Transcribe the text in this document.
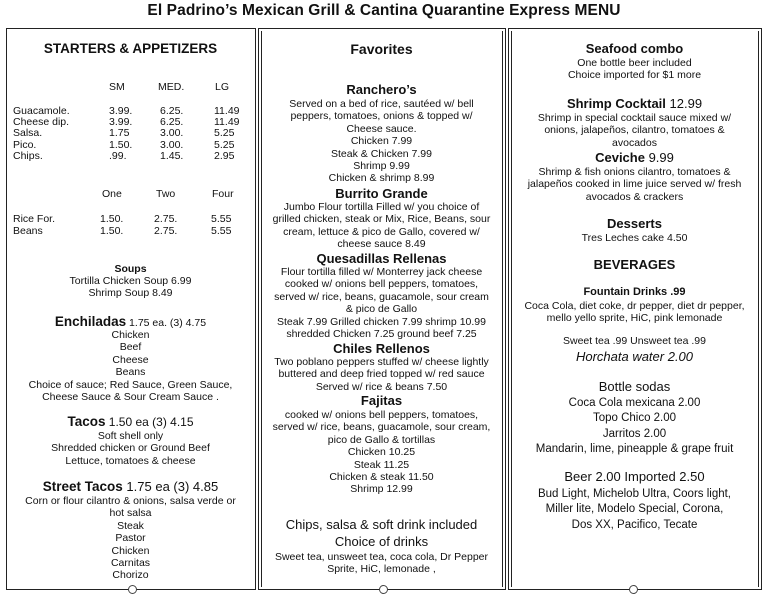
El Padrino’s Mexican Grill & Cantina Quarantine Express MENU
STARTERS & APPETIZERS
SM	MED.	LG
Guacamole.	3.99.	6.25.	11.49
Cheese dip.	3.99.	6.25.	11.49
Salsa.	1.75	3.00.	5.25
Pico.	1.50.	3.00.	5.25
Chips.	.99.	1.45.	2.95
One	Two	Four
Rice For.	1.50.	2.75.	5.55
Beans	1.50.	2.75.	5.55
Soups
Tortilla Chicken Soup 6.99
Shrimp Soup 8.49
Enchiladas 1.75 ea. (3) 4.75
Chicken
Beef
Cheese
Beans
Choice of sauce; Red Sauce, Green Sauce,
Cheese Sauce & Sour Cream Sauce .
Tacos 1.50 ea (3) 4.15
Soft shell only
Shredded chicken or Ground Beef
Lettuce, tomatoes & cheese
Street Tacos 1.75 ea (3) 4.85
Corn or flour cilantro & onions, salsa verde or
hot salsa
Steak
Pastor
Chicken
Carnitas
Chorizo
Favorites
Ranchero’s
Served on a bed of rice, sautéed w/ bell
peppers, tomatoes, onions & topped w/
Cheese sauce.
Chicken 7.99
Steak & Chicken 7.99
Shrimp 9.99
Chicken & shrimp 8.99
Burrito Grande
Jumbo Flour tortilla Filled w/ you choice of
grilled chicken, steak or Mix, Rice, Beans, sour
cream, lettuce & pico de Gallo, covered w/
cheese sauce 8.49
Quesadillas Rellenas
Flour tortilla filled w/ Monterrey jack cheese
cooked w/ onions bell peppers, tomatoes,
served w/ rice, beans, guacamole, sour cream
& pico de Gallo
Steak 7.99 Grilled chicken 7.99 shrimp 10.99
shredded Chicken 7.25 ground beef 7.25
Chiles Rellenos
Two poblano peppers stuffed w/ cheese lightly
buttered and deep fried topped w/ red sauce
Served w/ rice & beans 7.50
Fajitas
cooked w/ onions bell peppers, tomatoes,
served w/ rice, beans, guacamole, sour cream,
pico de Gallo & tortillas
Chicken 10.25
Steak 11.25
Chicken & steak 11.50
Shrimp 12.99
Chips, salsa & soft drink included
Choice of drinks
Sweet tea, unsweet tea, coca cola, Dr Pepper
Sprite, HiC, lemonade ,
Seafood combo
One bottle beer included
Choice imported for $1 more
Shrimp Cocktail 12.99
Shrimp in special cocktail sauce mixed w/
onions, jalapeños, cilantro, tomatoes &
avocados
Ceviche 9.99
Shrimp & fish onions cilantro, tomatoes &
jalapeños cooked in lime juice served w/ fresh
avocados & crackers
Desserts
Tres Leches cake 4.50
BEVERAGES
Fountain Drinks .99
Coca Cola, diet coke, dr pepper, diet dr pepper,
mello yello sprite, HiC, pink lemonade
Sweet tea .99 Unsweet tea .99
Horchata water 2.00
Bottle sodas
Coca Cola mexicana 2.00
Topo Chico 2.00
Jarritos 2.00
Mandarin, lime, pineapple & grape fruit
Beer 2.00 Imported 2.50
Bud Light, Michelob Ultra, Coors light,
Miller lite, Modelo Special, Corona,
Dos XX, Pacifico, Tecate
